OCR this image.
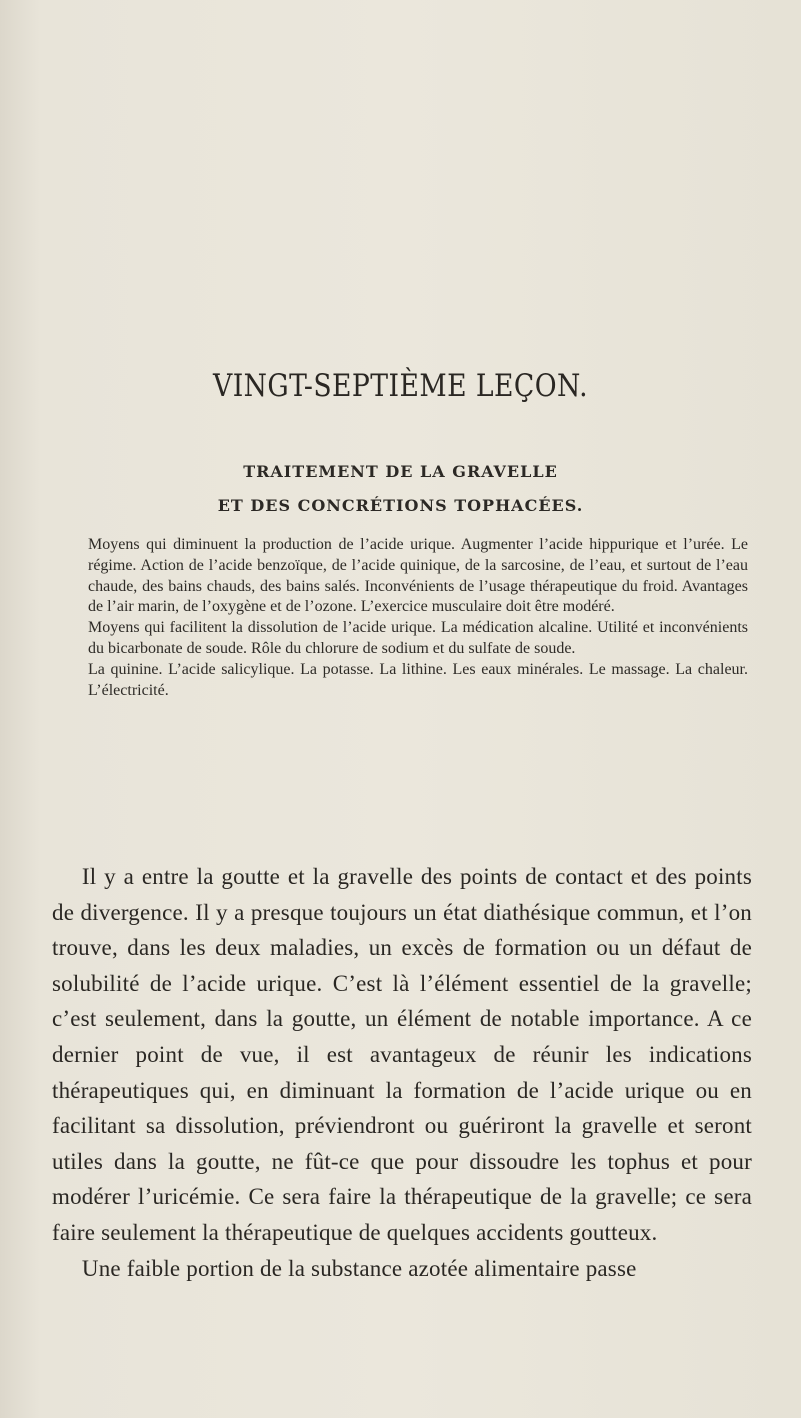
VINGT-SEPTIÈME LEÇON.
TRAITEMENT DE LA GRAVELLE
ET DES CONCRÉTIONS TOPHACÉES.

Moyens qui diminuent la production de l’acide urique. Augmenter l’acide hippurique et l’urée. Le régime. Action de l’acide benzoïque, de l’acide quinique, de la sarcosine, de l’eau, et surtout de l’eau chaude, des bains chauds, des bains salés. Inconvénients de l’usage thérapeutique du froid. Avantages de l’air marin, de l’oxygène et de l’ozone. L’exercice musculaire doit être modéré.

Moyens qui facilitent la dissolution de l’acide urique. La médication alcaline. Utilité et inconvénients du bicarbonate de soude. Rôle du chlorure de sodium et du sulfate de soude.

La quinine. L’acide salicylique. La potasse. La lithine. Les eaux minérales. Le massage. La chaleur. L’électricité.

Il y a entre la goutte et la gravelle des points de contact et des points de divergence. Il y a presque toujours un état diathésique commun, et l’on trouve, dans les deux maladies, un excès de formation ou un défaut de solubilité de l’acide urique. C’est là l’élément essentiel de la gravelle; c’est seulement, dans la goutte, un élément de notable importance. A ce dernier point de vue, il est avantageux de réunir les indications thérapeutiques qui, en diminuant la formation de l’acide urique ou en facilitant sa dissolution, préviendront ou guériront la gravelle et seront utiles dans la goutte, ne fût-ce que pour dissoudre les tophus et pour modérer l’uricémie. Ce sera faire la thérapeutique de la gravelle; ce sera faire seulement la thérapeutique de quelques accidents goutteux.

Une faible portion de la substance azotée alimentaire passe
